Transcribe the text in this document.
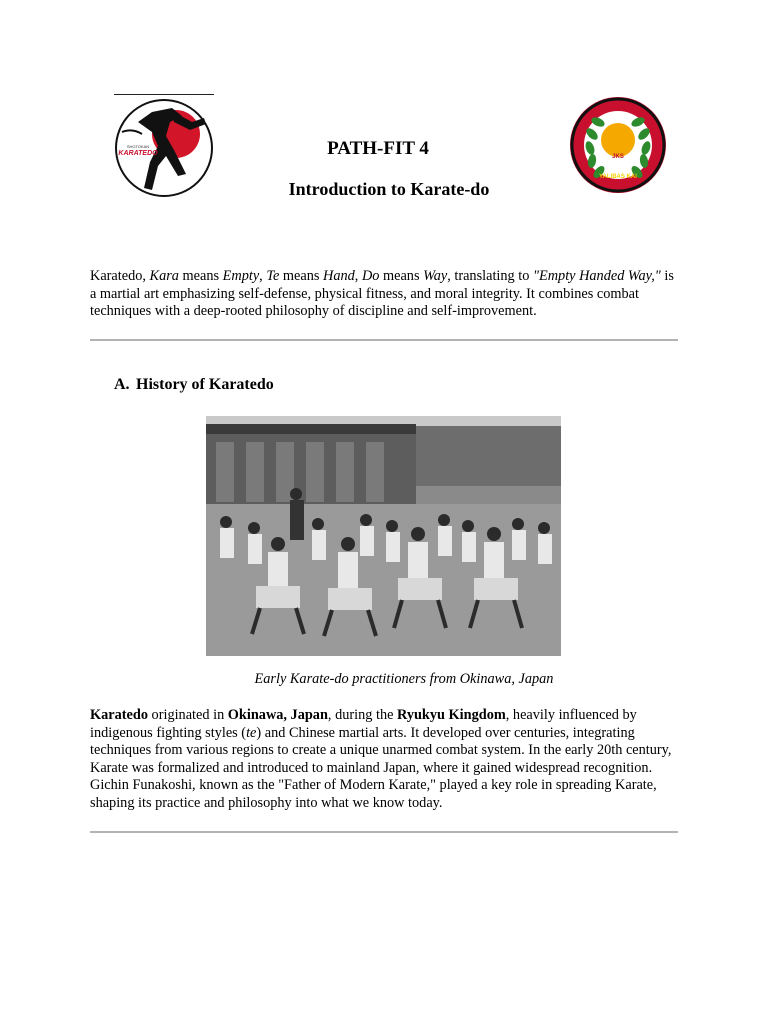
SHOTOKAN
KARATEDO	PATH-FIT 4
Introduction to Karate-do
JKS
YALIBAS KAI
Karatedo, Kara means Empty, Te means Hand, Do means Way, translating to "Empty Handed Way," is a martial art emphasizing self-defense, physical fitness, and moral integrity. It combines combat techniques with a deep-rooted philosophy of discipline and self-improvement.
A. History of Karatedo
Early Karate-do practitioners from Okinawa, Japan
Karatedo originated in Okinawa, Japan, during the Ryukyu Kingdom, heavily influenced by indigenous fighting styles (te) and Chinese martial arts. It developed over centuries, integrating techniques from various regions to create a unique unarmed combat system. In the early 20th century, Karate was formalized and introduced to mainland Japan, where it gained widespread recognition. Gichin Funakoshi, known as the "Father of Modern Karate," played a key role in spreading Karate, shaping its practice and philosophy into what we know today.
